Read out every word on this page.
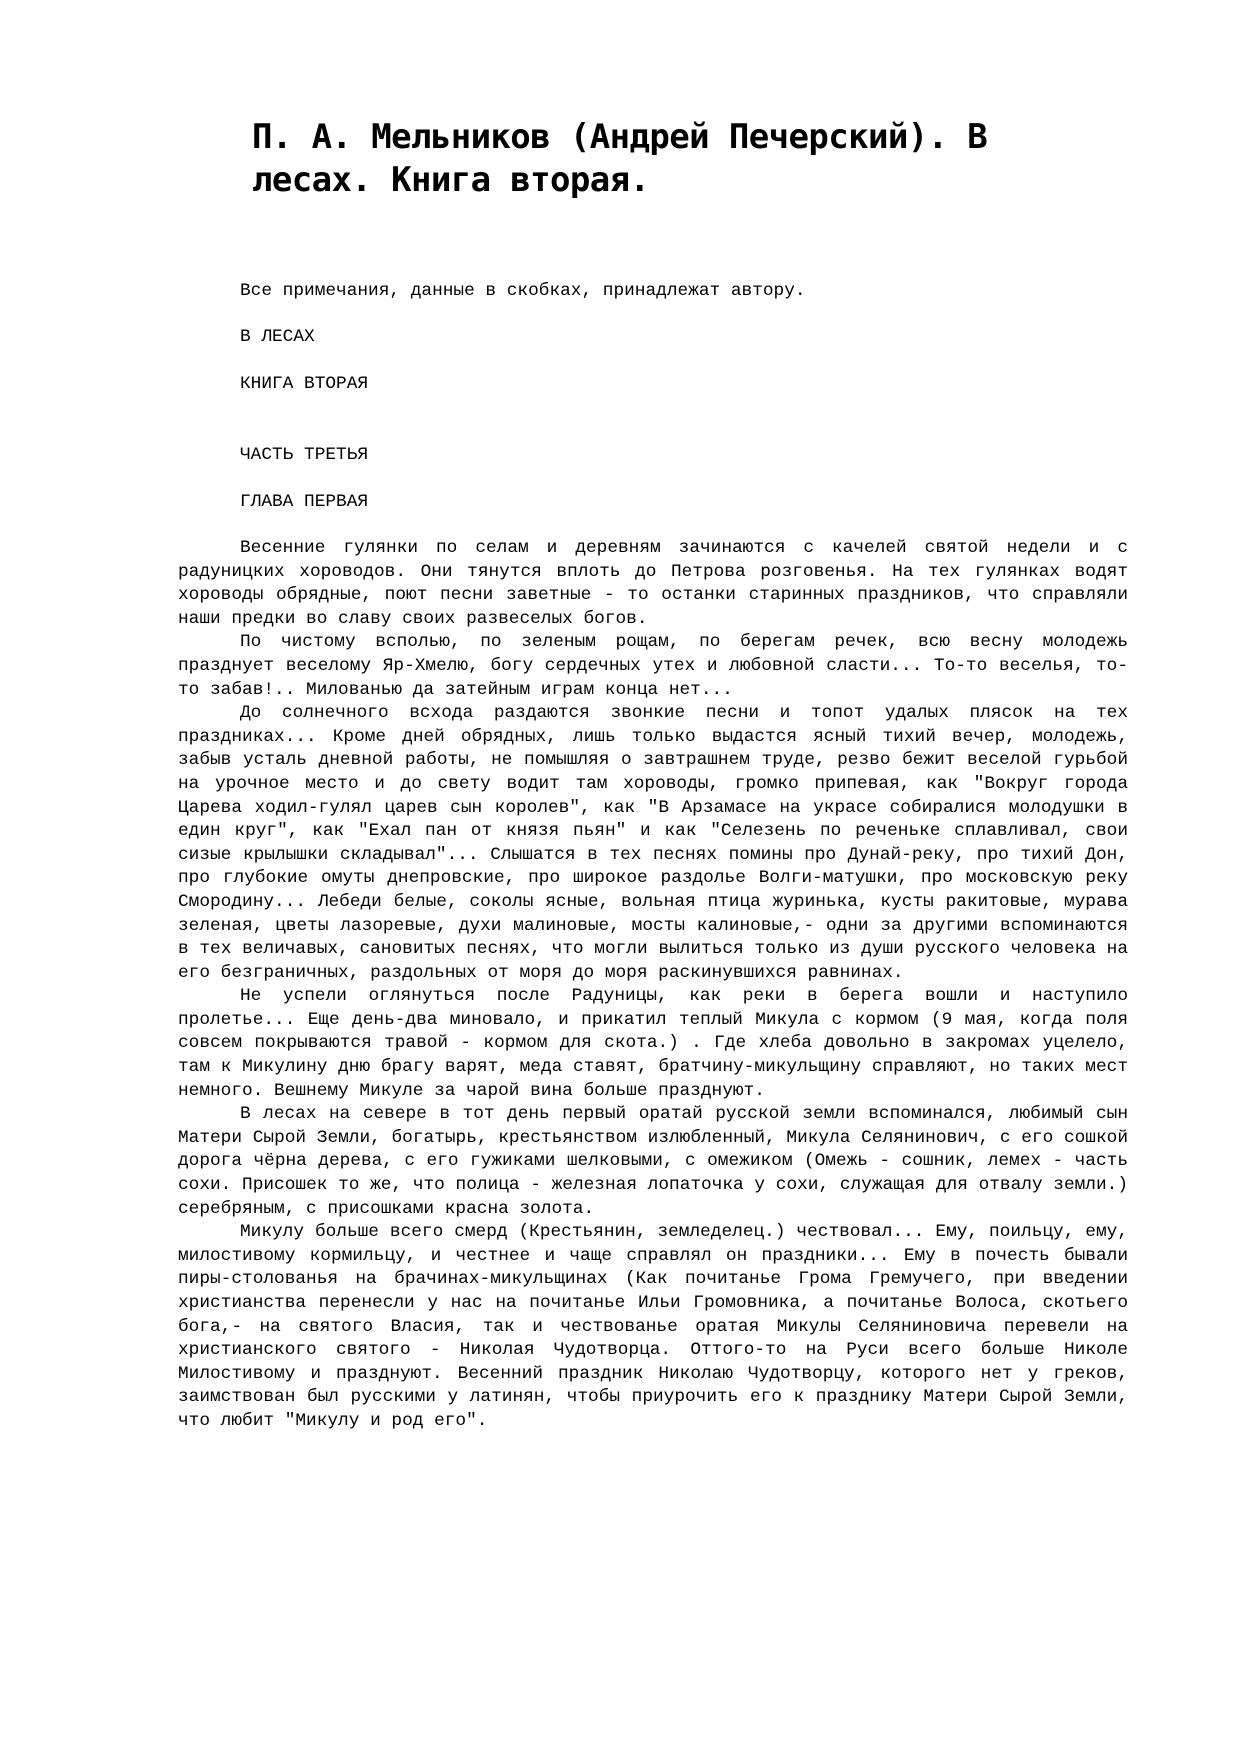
П. А. Мельников (Андрей Печерский). В лесах. Книга вторая.
Все примечания, данные в скобках, принадлежат автору.
В ЛЕСАХ
КНИГА ВТОРАЯ
ЧАСТЬ ТРЕТЬЯ
ГЛАВА ПЕРВАЯ

Весенние гулянки по селам и деревням зачинаются с качелей святой недели и с радуницких хороводов. Они тянутся вплоть до Петрова розговенья. На тех гулянках водят хороводы обрядные, поют песни заветные - то останки старинных праздников, что справляли наши предки во славу своих развеселых богов.

По чистому всполью, по зеленым рощам, по берегам речек, всю весну молодежь празднует веселому Яр-Хмелю, богу сердечных утех и любовной сласти... То-то веселья, то-то забав!.. Милованью да затейным играм конца нет...

До солнечного всхода раздаются звонкие песни и топот удалых плясок на тех праздниках... Кроме дней обрядных, лишь только выдастся ясный тихий вечер, молодежь, забыв усталь дневной работы, не помышляя о завтрашнем труде, резво бежит веселой гурьбой на урочное место и до свету водит там хороводы, громко припевая, как "Вокруг города Царева ходил-гулял царев сын королев", как "В Арзамасе на украсе собиралися молодушки в един круг", как "Ехал пан от князя пьян" и как "Селезень по реченьке сплавливал, свои сизые крылышки складывал"... Слышатся в тех песнях помины про Дунай-реку, про тихий Дон, про глубокие омуты днепровские, про широкое раздолье Волги-матушки, про московскую реку Смородину... Лебеди белые, соколы ясные, вольная птица журинька, кусты ракитовые, мурава зеленая, цветы лазоревые, духи малиновые, мосты калиновые,- одни за другими вспоминаются в тех величавых, сановитых песнях, что могли вылиться только из души русского человека на его безграничных, раздольных от моря до моря раскинувшихся равнинах.

Не успели оглянуться после Радуницы, как реки в берега вошли и наступило пролетье... Еще день-два миновало, и прикатил теплый Микула с кормом (9 мая, когда поля совсем покрываются травой - кормом для скота.) . Где хлеба довольно в закромах уцелело, там к Микулину дню брагу варят, меда ставят, братчину-микульщину справляют, но таких мест немного. Вешнему Микуле за чарой вина больше празднуют.

В лесах на севере в тот день первый оратай русской земли вспоминался, любимый сын Матери Сырой Земли, богатырь, крестьянством излюбленный, Микула Селянинович, с его сошкой дорога чёрна дерева, с его гужиками шелковыми, с омежиком (Омежь - сошник, лемех - часть сохи. Присошек то же, что полица - железная лопаточка у сохи, служащая для отвалу земли.) серебряным, с присошками красна золота.

Микулу больше всего смерд (Крестьянин, земледелец.) чествовал... Ему, поильцу, ему, милостивому кормильцу, и честнее и чаще справлял он праздники... Ему в почесть бывали пиры-столованья на брачинах-микульщинах (Как почитанье Грома Гремучего, при введении христианства перенесли у нас на почитанье Ильи Громовника, а почитанье Волоса, скотьего бога,- на святого Власия, так и чествованье оратая Микулы Селяниновича перевели на христианского святого - Николая Чудотворца. Оттого-то на Руси всего больше Николе Милостивому и празднуют. Весенний праздник Николаю Чудотворцу, которого нет у греков, заимствован был русскими у латинян, чтобы приурочить его к празднику Матери Сырой Земли, что любит "Микулу и род его".
